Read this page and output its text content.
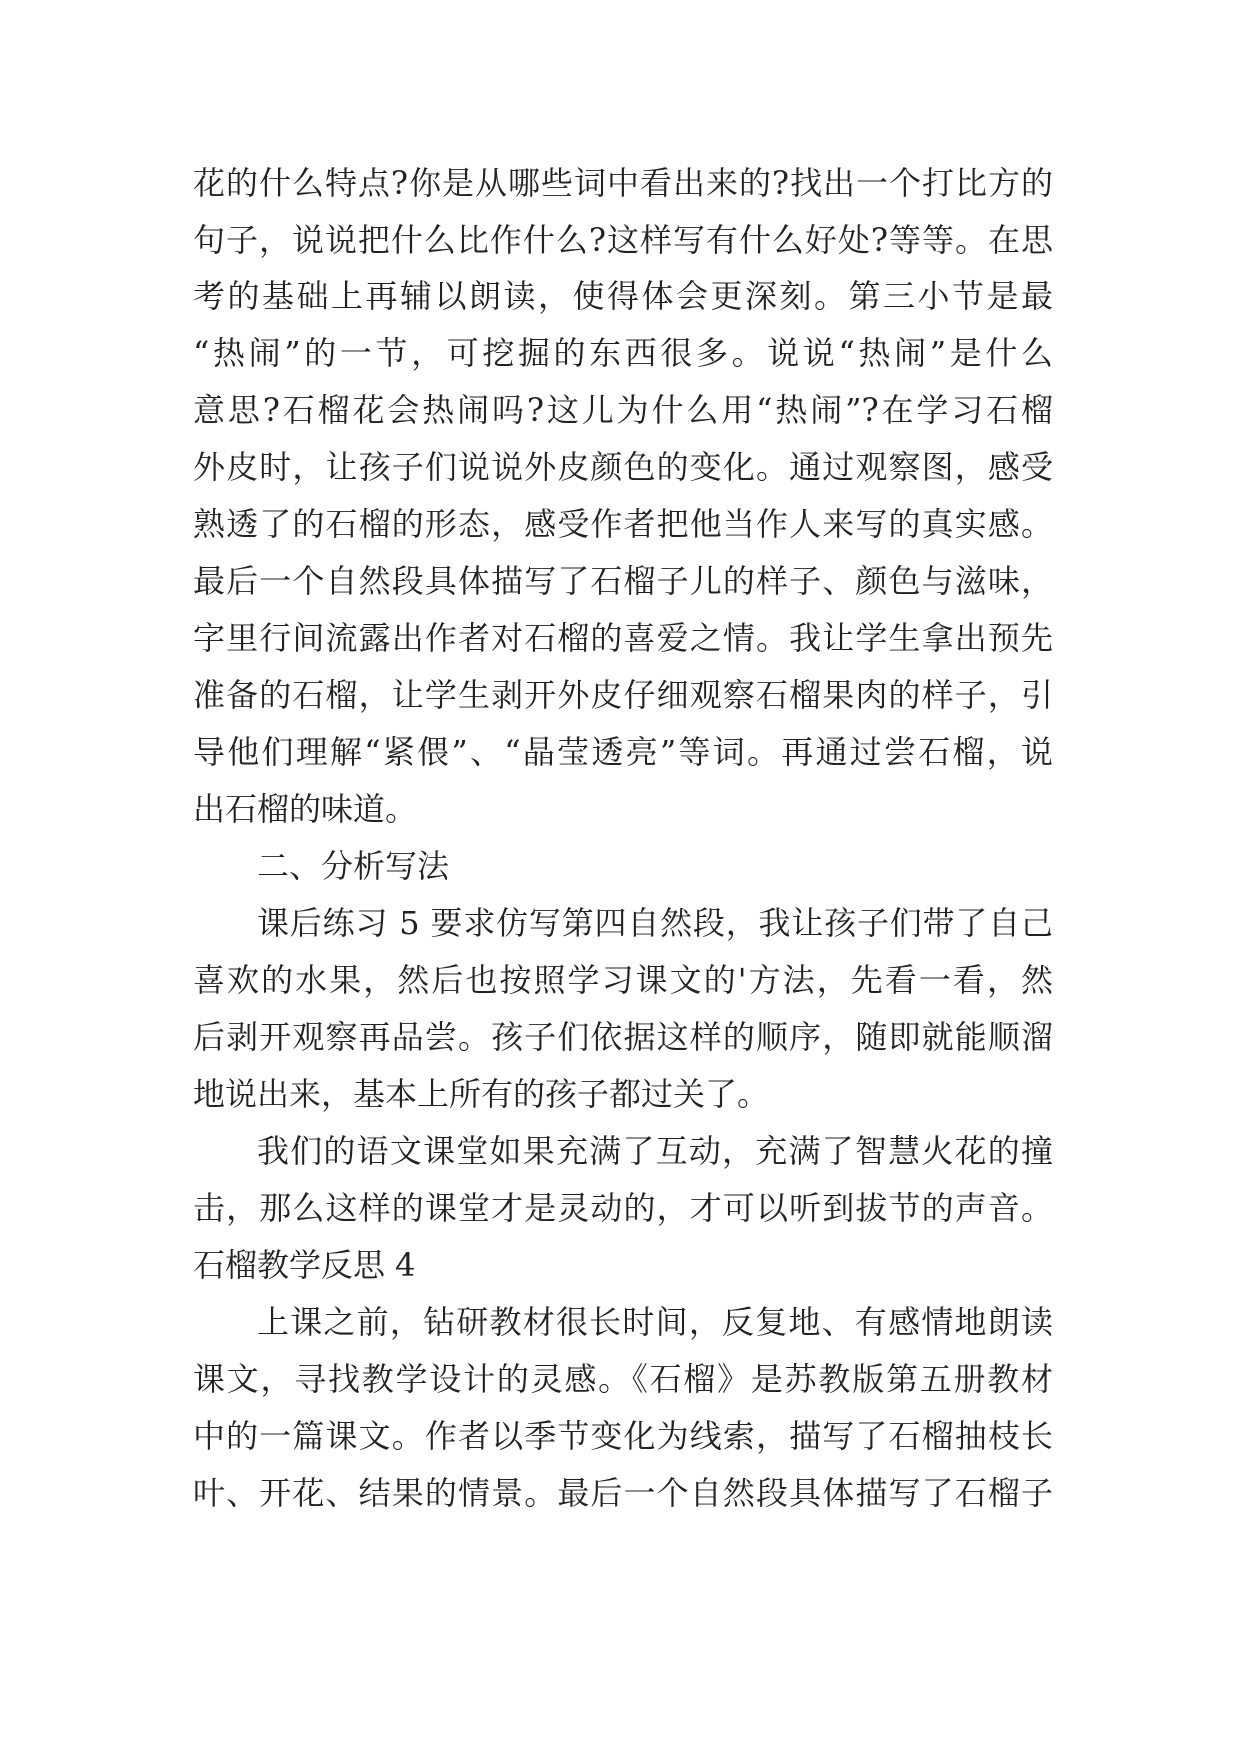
花的什么特点?你是从哪些词中看出来的?找出一个打比方的
句子，说说把什么比作什么?这样写有什么好处?等等。在思
考的基础上再辅以朗读，使得体会更深刻。第三小节是最
“热闹”的一节，可挖掘的东西很多。说说“热闹”是什么
意思?石榴花会热闹吗?这儿为什么用“热闹”?在学习石榴
外皮时，让孩子们说说外皮颜色的变化。通过观察图，感受
熟透了的石榴的形态，感受作者把他当作人来写的真实感。
最后一个自然段具体描写了石榴子儿的样子、颜色与滋味，
字里行间流露出作者对石榴的喜爱之情。我让学生拿出预先
准备的石榴，让学生剥开外皮仔细观察石榴果肉的样子，引
导他们理解“紧偎”、“晶莹透亮”等词。再通过尝石榴，说
出石榴的味道。
二、分析写法
课后练习 5 要求仿写第四自然段，我让孩子们带了自己
喜欢的水果，然后也按照学习课文的'方法，先看一看，然
后剥开观察再品尝。孩子们依据这样的顺序，随即就能顺溜
地说出来，基本上所有的孩子都过关了。
我们的语文课堂如果充满了互动，充满了智慧火花的撞
击，那么这样的课堂才是灵动的，才可以听到拔节的声音。
石榴教学反思 4
上课之前，钻研教材很长时间，反复地、有感情地朗读
课文，寻找教学设计的灵感。《石榴》是苏教版第五册教材
中的一篇课文。作者以季节变化为线索，描写了石榴抽枝长
叶、开花、结果的情景。最后一个自然段具体描写了石榴子
